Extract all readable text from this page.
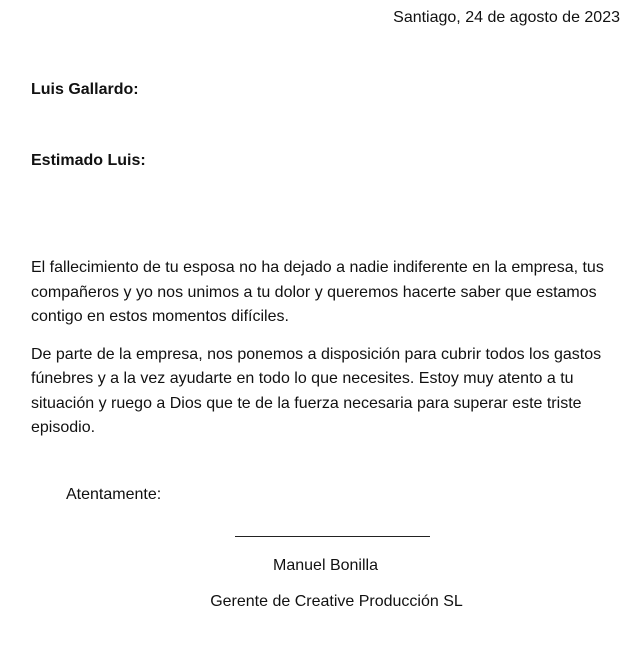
Santiago, 24 de agosto de 2023
Luis Gallardo:
Estimado Luis:

El fallecimiento de tu esposa no ha dejado a nadie indiferente en la empresa, tus compañeros y yo nos unimos a tu dolor y queremos hacerte saber que estamos contigo en estos momentos difíciles.

De parte de la empresa, nos ponemos a disposición para cubrir todos los gastos fúnebres y a la vez ayudarte en todo lo que necesites. Estoy muy atento a tu situación y ruego a Dios que te de la fuerza necesaria para superar este triste episodio.

Atentamente:
Manuel Bonilla
Gerente de Creative Producción SL
